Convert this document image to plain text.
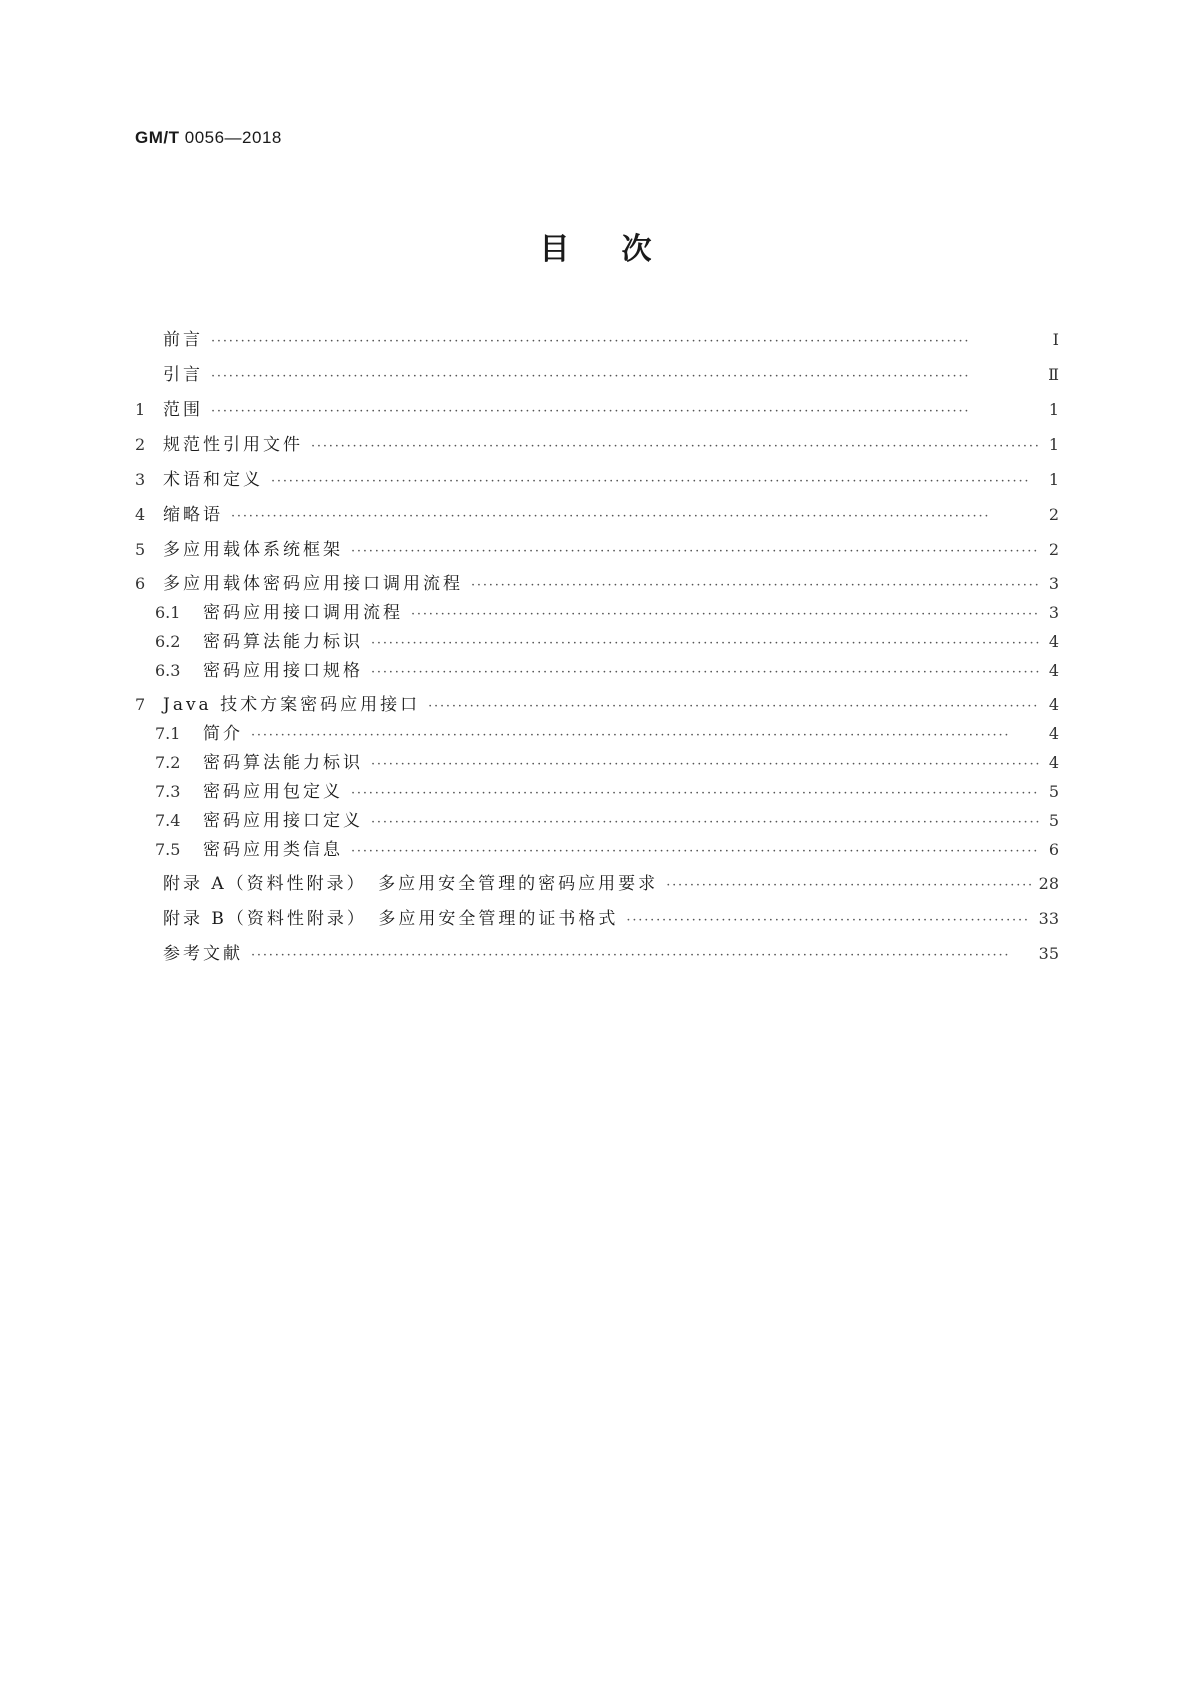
GM/T 0056—2018
目次
前言 ·····	Ⅰ
引言 ·····	Ⅱ
1	范围 ·····	1
2	规范性引用文件 ·····	1
3	术语和定义 ·····	1
4	缩略语 ·····	2
5	多应用载体系统框架 ·····	2
6	多应用载体密码应用接口调用流程 ·····	3
6.1	密码应用接口调用流程 ·····	3
6.2	密码算法能力标识 ·····	4
6.3	密码应用接口规格 ·····	4
7	Java 技术方案密码应用接口 ·····	4
7.1	简介 ·····	4
7.2	密码算法能力标识 ·····	4
7.3	密码应用包定义 ·····	5
7.4	密码应用接口定义 ·····	5
7.5	密码应用类信息 ·····	6
附录 A（资料性附录）　多应用安全管理的密码应用要求 ·····	28
附录 B（资料性附录）　多应用安全管理的证书格式 ·····	33
参考文献 ·····	35
